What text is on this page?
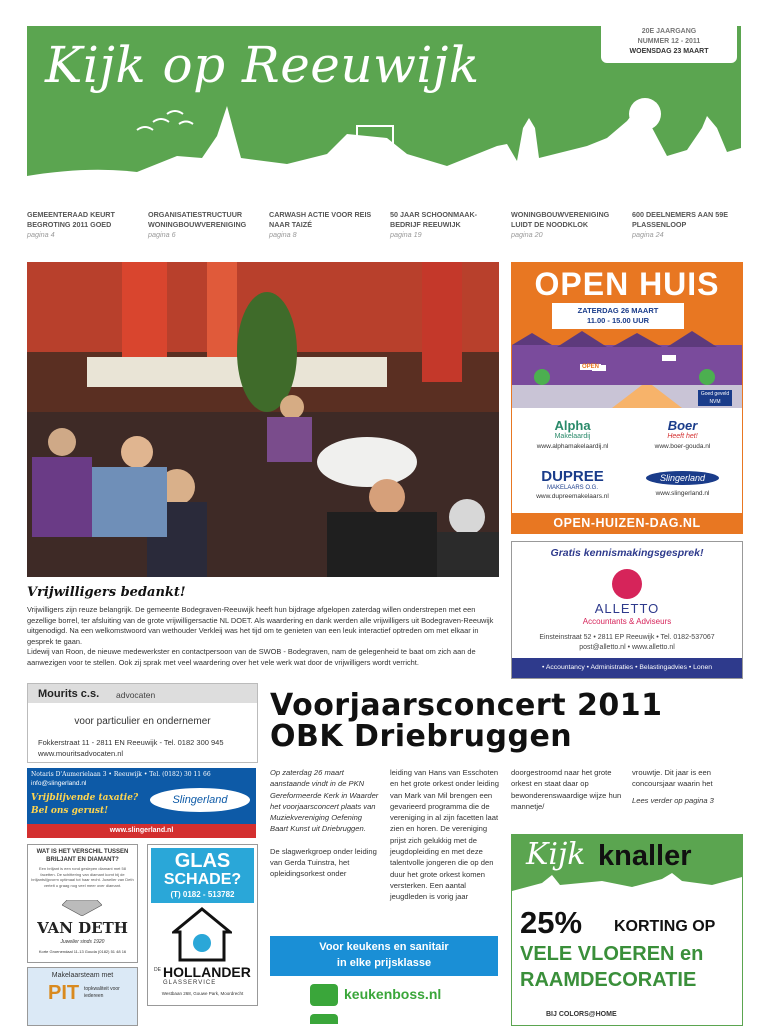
Kijk op Reeuwijk
20E JAARGANG
NUMMER 12 - 2011
WOENSDAG 23 MAART
GEMEENTERAAD KEURT BEGROTING 2011 GOED
pagina 4
ORGANISATIESTRUCTUUR WONINGBOUWVERENIGING
pagina 6
CARWASH ACTIE VOOR REIS NAAR TAIZÉ
pagina 8
50 JAAR SCHOONMAAK-BEDRIJF REEUWIJK
pagina 19
WONINGBOUWVERENIGING LUIDT DE NOODKLOK
pagina 20
600 DEELNEMERS AAN 59E PLASSENLOOP
pagina 24
Vrijwilligers bedankt!
Vrijwilligers zijn reuze belangrijk. De gemeente Bodegraven-Reeuwijk heeft hun bijdrage afgelopen zaterdag willen onderstrepen met een gezellige borrel, ter afsluiting van de grote vrijwilligersactie NL DOET. Als waardering en dank werden alle vrijwilligers uit Bodegraven-Reeuwijk uitgenodigd. Na een welkomstwoord van wethouder Verkleij was het tijd om te genieten van een leuk interactief optreden om met elkaar in gesprek te gaan.
Lidewij van Roon, de nieuwe medewerkster en contactpersoon van de SWOB - Bodegraven, nam de gelegenheid te baat om zich aan de aanwezigen voor te stellen. Ook zij sprak met veel waardering over het vele werk wat door de vrijwilligers wordt verricht.
OPEN HUIS
ZATERDAG 26 MAART
11.00 - 15.00 UUR
OPEN
Goed geveld NVM
Alpha
Makelaardij
www.alphamakelaardij.nl
Boer
Heeft het!
www.boer-gouda.nl
DUPREE
MAKELAARS O.G.
www.dupreemakelaars.nl
Slingerland
www.slingerland.nl
OPEN-HUIZEN-DAG.NL
Gratis kennismakingsgesprek!
ALLETTO
Accountants & Adviseurs
Einsteinstraat 52 • 2811 EP Reeuwijk • Tel. 0182-537067
post@alletto.nl • www.alletto.nl
• Accountancy • Administraties • Belastingadvies • Lonen
Mourits c.s. advocaten
voor particulier en ondernemer
Fokkerstraat 11 - 2811 EN Reeuwijk - Tel. 0182 300 945
www.mouritsadvocaten.nl
Notaris D'Aumerielaan 3 • Reeuwijk • Tel. (0182) 30 11 66
info@slingerland.nl
Vrijblijvende taxatie?
Bel ons gerust!
Slingerland
www.slingerland.nl
WAT IS HET VERSCHIL TUSSEN BRILJANT EN DIAMANT?
Een briljant is een rond geslepen diamant met 58 facetten. De schittering van diamant komt bij de briljantslijpvorm optimaal tot haar recht. Juwelier van Deth vertelt u graag nog veel meer over diamant.
VAN DETH
Juwelier sinds 1920
Korte Groenendaal 11-13 Gouda (0182) 51 48 16
GLAS
SCHADE?
(T) 0182 - 513782
DE HOLLANDER
GLASSERVICE
Westbaan 268, Gouwe Park, Moordrecht
Makelaarsteam met
PIT topkwaliteit voor iedereen
Voorjaarsconcert 2011
OBK Driebruggen
Op zaterdag 26 maart aanstaande vindt in de PKN Gereformeerde Kerk in Waarder het voorjaarsconcert plaats van Muziekvereniging Oefening Baart Kunst uit Driebruggen.
De slagwerkgroep onder leiding van Gerda Tuinstra, het opleidingsorkest onder
leiding van Hans van Esschoten en het grote orkest onder leiding van Mark van Mil brengen een gevarieerd programma die de vereniging in al zijn facetten laat zien en horen. De vereniging prijst zich gelukkig met de jeugdopleiding en met deze talentvolle jongeren die op den duur het grote orkest komen versterken. Een aantal jeugdleden is vorig jaar
doorgestroomd naar het grote orkest en staat daar op bewonderenswaardige wijze hun mannetje/
vrouwtje. Dit jaar is een concoursjaar waarin het
Lees verder op pagina 3
Voor keukens en sanitair
in elke prijsklasse
keukenboss.nl
Kijk knaller
25% KORTING OP
VELE VLOEREN en
RAAMDECORATIE
BIJ COLORS@HOME
